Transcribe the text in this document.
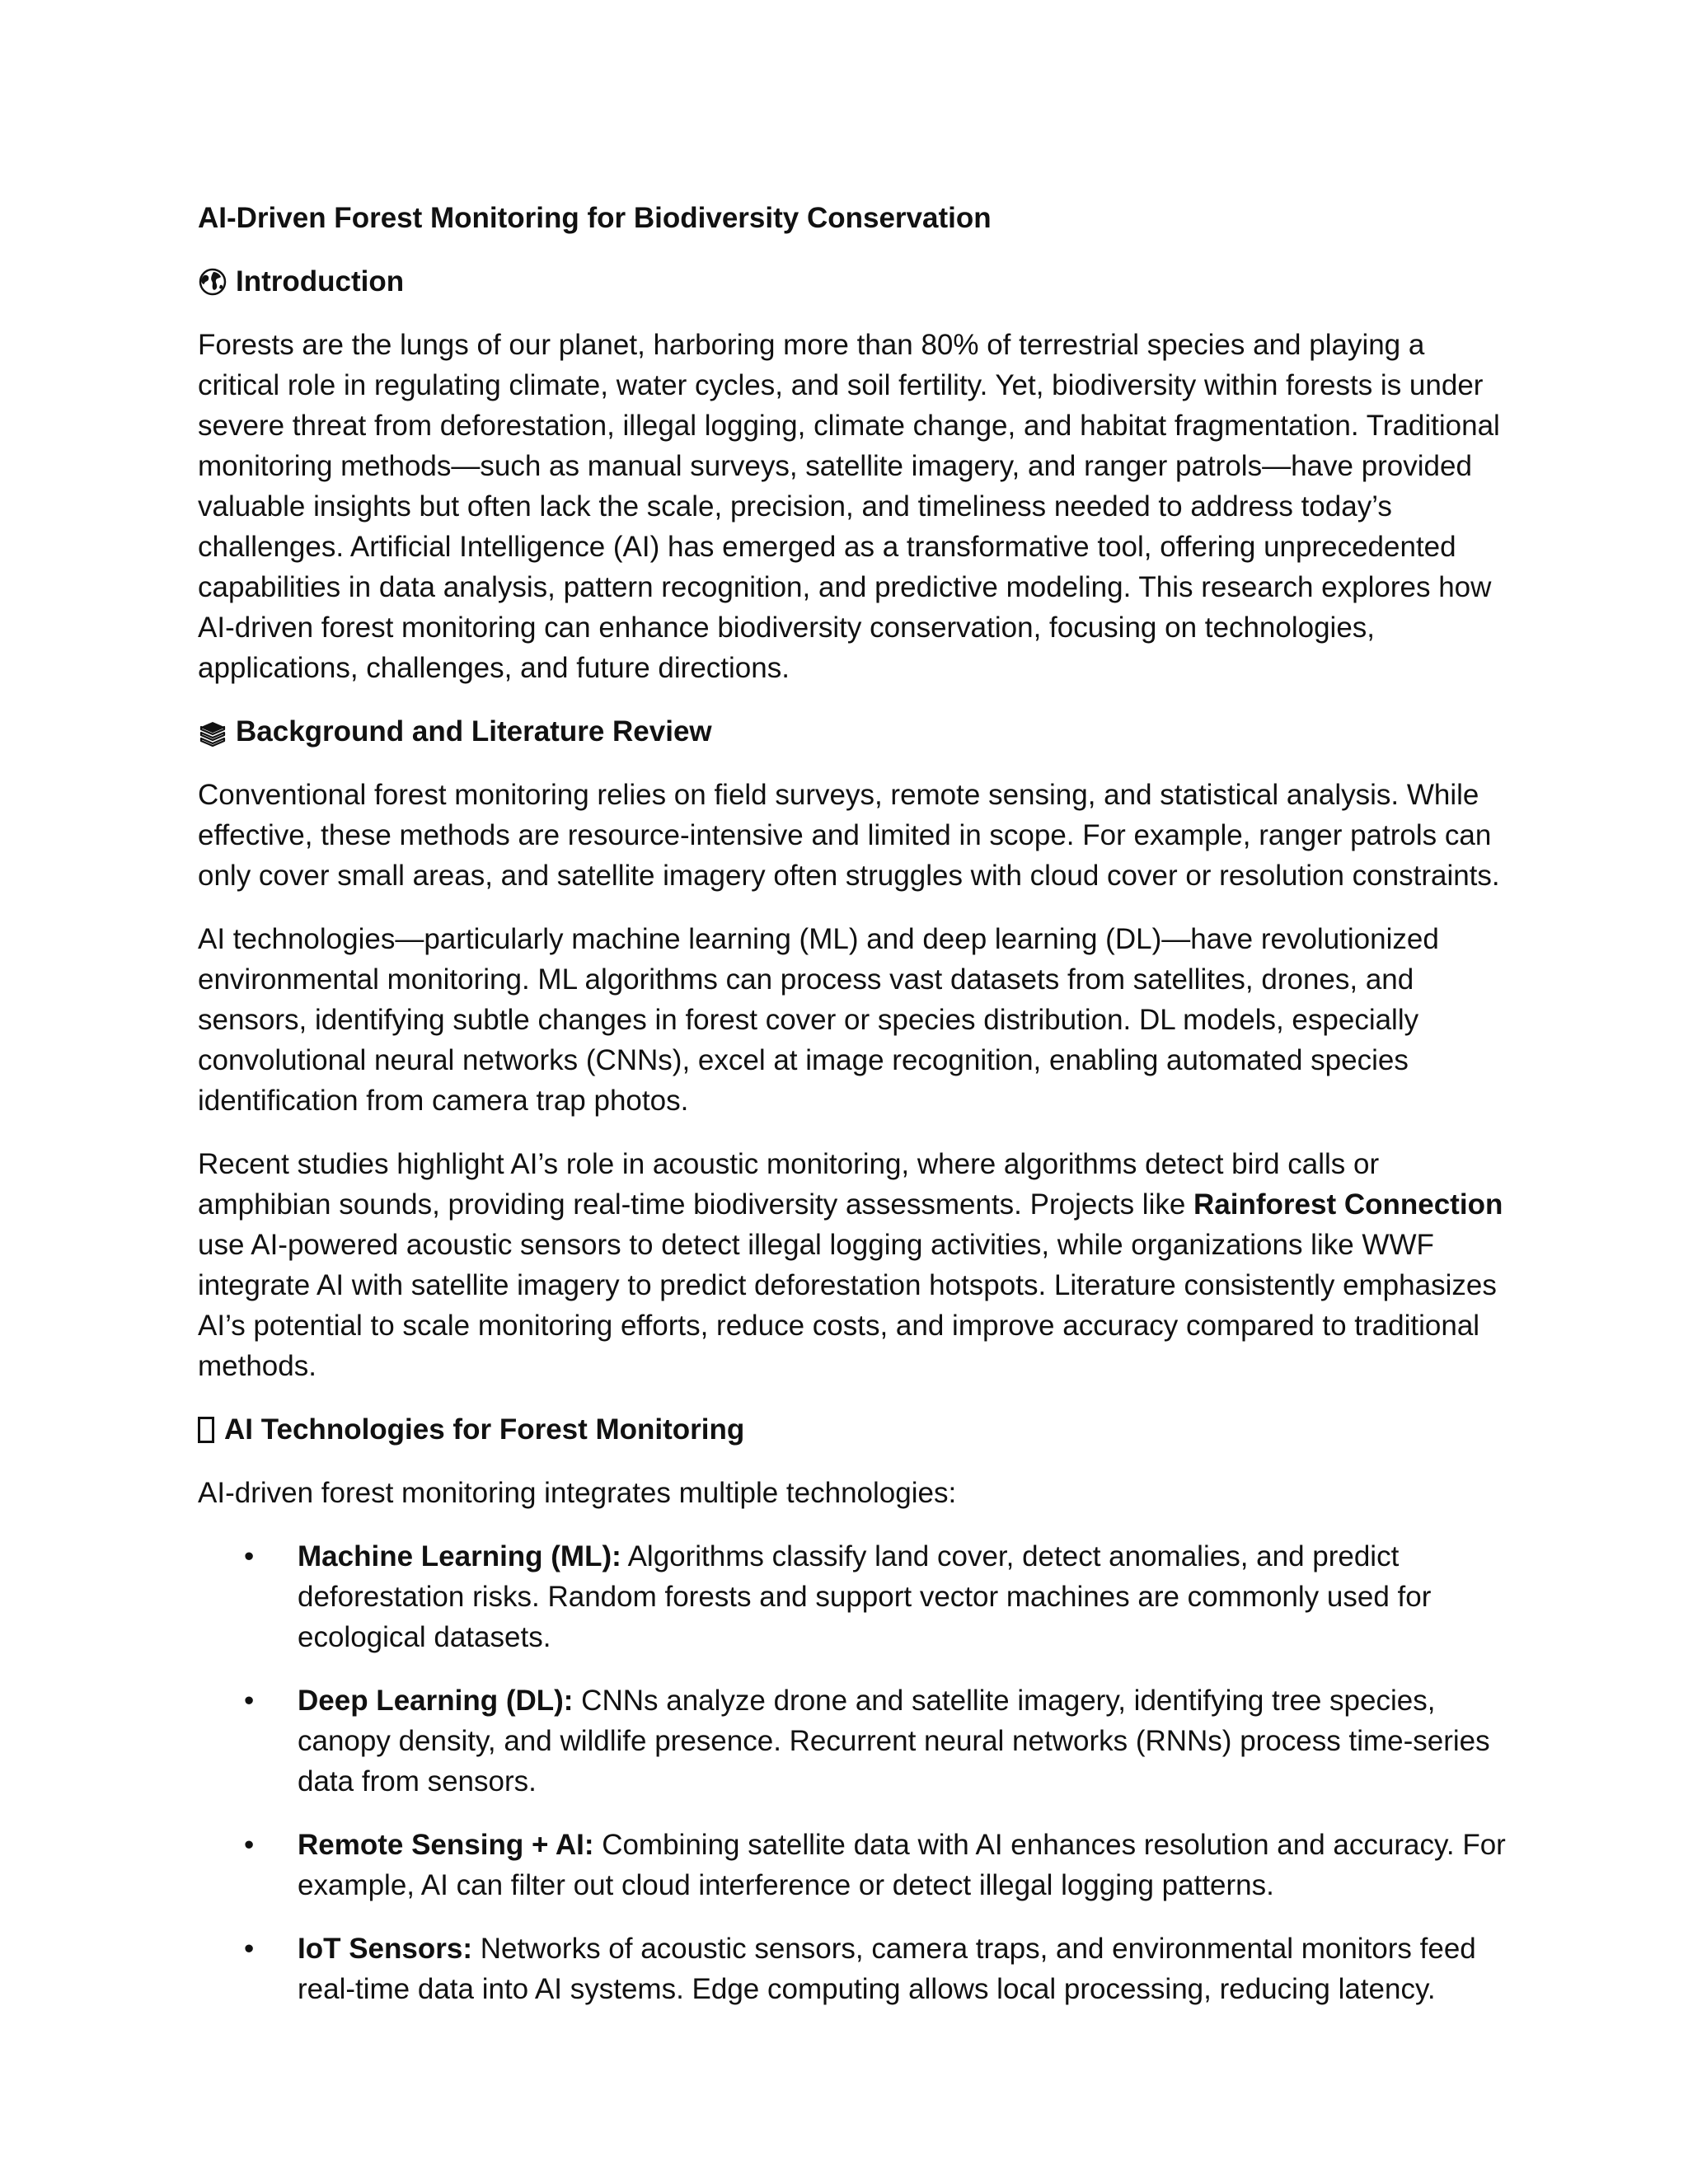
AI-Driven Forest Monitoring for Biodiversity Conservation
Introduction

Forests are the lungs of our planet, harboring more than 80% of terrestrial species and playing a critical role in regulating climate, water cycles, and soil fertility. Yet, biodiversity within forests is under severe threat from deforestation, illegal logging, climate change, and habitat fragmentation. Traditional monitoring methods—such as manual surveys, satellite imagery, and ranger patrols—have provided valuable insights but often lack the scale, precision, and timeliness needed to address today’s challenges. Artificial Intelligence (AI) has emerged as a transformative tool, offering unprecedented capabilities in data analysis, pattern recognition, and predictive modeling. This research explores how AI-driven forest monitoring can enhance biodiversity conservation, focusing on technologies, applications, challenges, and future directions.

Background and Literature Review

Conventional forest monitoring relies on field surveys, remote sensing, and statistical analysis. While effective, these methods are resource-intensive and limited in scope. For example, ranger patrols can only cover small areas, and satellite imagery often struggles with cloud cover or resolution constraints.

AI technologies—particularly machine learning (ML) and deep learning (DL)—have revolutionized environmental monitoring. ML algorithms can process vast datasets from satellites, drones, and sensors, identifying subtle changes in forest cover or species distribution. DL models, especially convolutional neural networks (CNNs), excel at image recognition, enabling automated species identification from camera trap photos.

Recent studies highlight AI’s role in acoustic monitoring, where algorithms detect bird calls or amphibian sounds, providing real-time biodiversity assessments. Projects like Rainforest Connection use AI-powered acoustic sensors to detect illegal logging activities, while organizations like WWF integrate AI with satellite imagery to predict deforestation hotspots. Literature consistently emphasizes AI’s potential to scale monitoring efforts, reduce costs, and improve accuracy compared to traditional methods.

AI Technologies for Forest Monitoring

AI-driven forest monitoring integrates multiple technologies:

• Machine Learning (ML): Algorithms classify land cover, detect anomalies, and predict deforestation risks. Random forests and support vector machines are commonly used for ecological datasets.
• Deep Learning (DL): CNNs analyze drone and satellite imagery, identifying tree species, canopy density, and wildlife presence. Recurrent neural networks (RNNs) process time-series data from sensors.
• Remote Sensing + AI: Combining satellite data with AI enhances resolution and accuracy. For example, AI can filter out cloud interference or detect illegal logging patterns.
• IoT Sensors: Networks of acoustic sensors, camera traps, and environmental monitors feed real-time data into AI systems. Edge computing allows local processing, reducing latency.
